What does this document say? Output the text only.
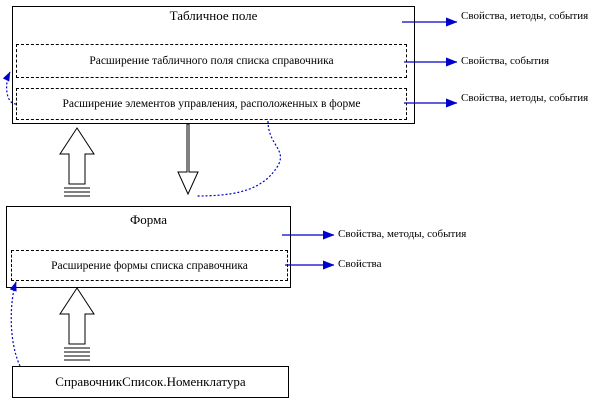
Табличное поле
Расширение табличного поля списка справочника
Расширение элементов управления, расположенных в форме
Форма
Расширение формы списка справочника
СправочникСписок.Номенклатура
Свойства, иетоды, события
Свойства, события
Свойства, иетоды, события
Свойства, методы, события
Свойства
